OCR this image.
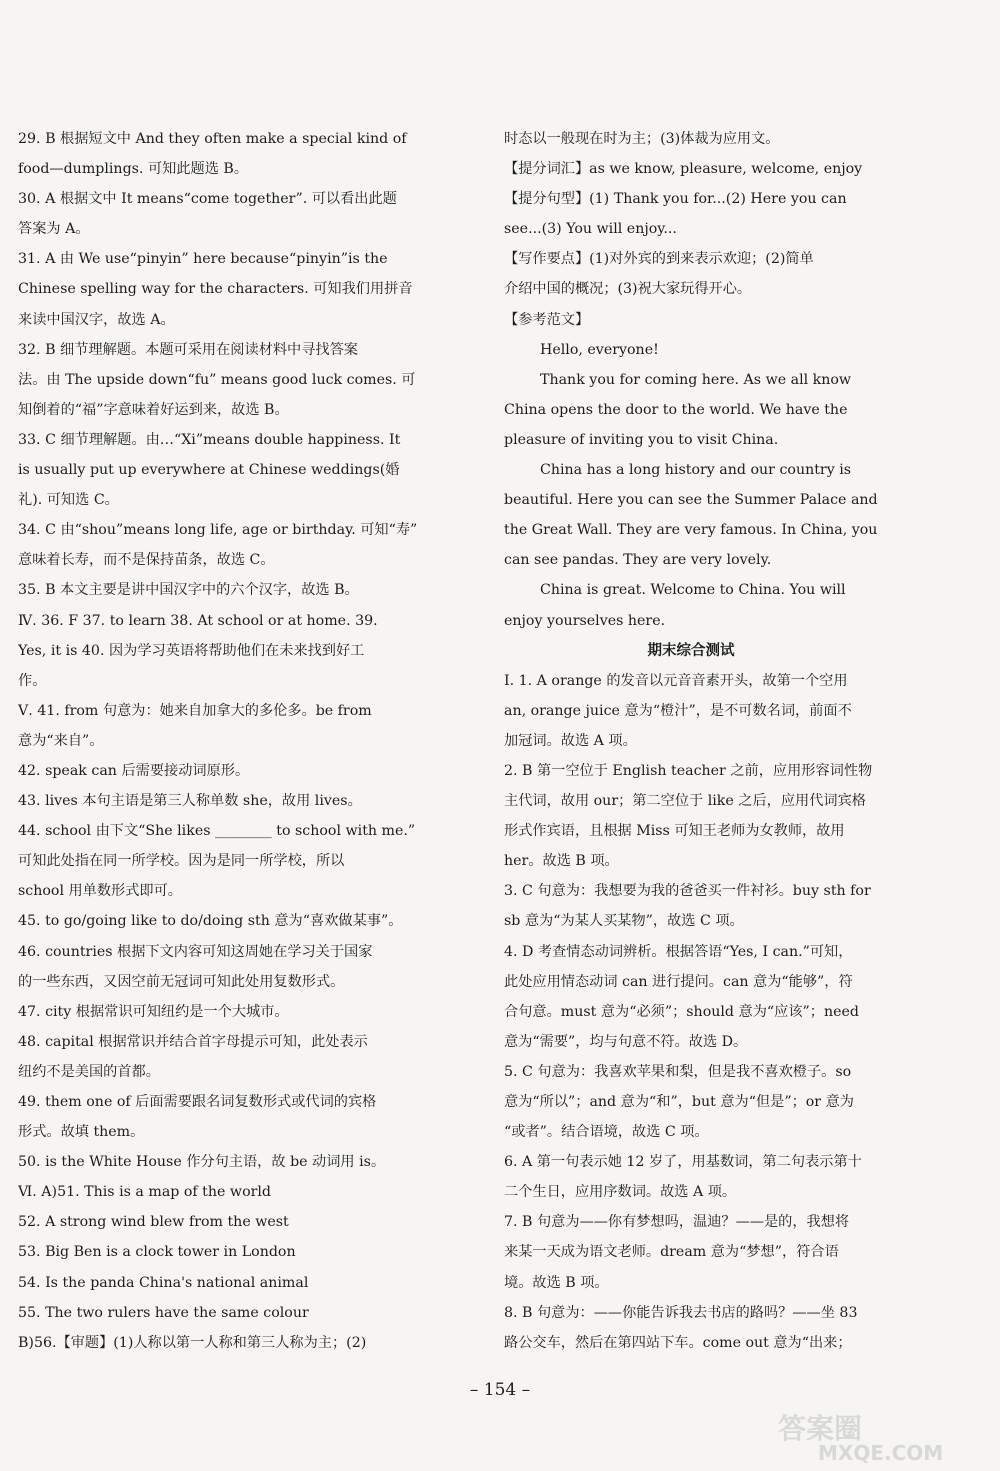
29. B 根据短文中 And they often make a special kind of
food—dumplings. 可知此题选 B。
30. A 根据文中 It means“come together”. 可以看出此题
答案为 A。
31. A 由 We use“pinyin” here because“pinyin”is the
Chinese spelling way for the characters. 可知我们用拼音
来读中国汉字，故选 A。
32. B 细节理解题。本题可采用在阅读材料中寻找答案
法。由 The upside down“fu” means good luck comes. 可
知倒着的“福”字意味着好运到来，故选 B。
33. C 细节理解题。由…“Xi”means double happiness. It
is usually put up everywhere at Chinese weddings(婚
礼). 可知选 C。
34. C 由“shou”means long life, age or birthday. 可知“寿”
意味着长寿，而不是保持苗条，故选 C。
35. B 本文主要是讲中国汉字中的六个汉字，故选 B。
Ⅳ. 36. F 37. to learn 38. At school or at home. 39.
Yes, it is 40. 因为学习英语将帮助他们在未来找到好工
作。
Ⅴ. 41. from 句意为：她来自加拿大的多伦多。be from
意为“来自”。
42. speak can 后需要接动词原形。
43. lives 本句主语是第三人称单数 she，故用 lives。
44. school 由下文“She likes ________ to school with me.”
可知此处指在同一所学校。因为是同一所学校，所以
school 用单数形式即可。
45. to go/going like to do/doing sth 意为“喜欢做某事”。
46. countries 根据下文内容可知这周她在学习关于国家
的一些东西，又因空前无冠词可知此处用复数形式。
47. city 根据常识可知纽约是一个大城市。
48. capital 根据常识并结合首字母提示可知，此处表示
纽约不是美国的首都。
49. them one of 后面需要跟名词复数形式或代词的宾格
形式。故填 them。
50. is the White House 作分句主语，故 be 动词用 is。
Ⅵ. A)51. This is a map of the world
52. A strong wind blew from the west
53. Big Ben is a clock tower in London
54. Is the panda China's national animal
55. The two rulers have the same colour
B)56.【审题】(1)人称以第一人称和第三人称为主；(2)
时态以一般现在时为主；(3)体裁为应用文。
【提分词汇】as we know, pleasure, welcome, enjoy
【提分句型】(1) Thank you for...(2) Here you can
see...(3) You will enjoy...
【写作要点】(1)对外宾的到来表示欢迎；(2)简单
介绍中国的概况；(3)祝大家玩得开心。
【参考范文】
Hello, everyone!
Thank you for coming here. As we all know
China opens the door to the world. We have the
pleasure of inviting you to visit China.
China has a long history and our country is
beautiful. Here you can see the Summer Palace and
the Great Wall. They are very famous. In China, you
can see pandas. They are very lovely.
China is great. Welcome to China. You will
enjoy yourselves here.
期末综合测试
Ⅰ. 1. A orange 的发音以元音音素开头，故第一个空用
an, orange juice 意为“橙汁”，是不可数名词，前面不
加冠词。故选 A 项。
2. B 第一空位于 English teacher 之前，应用形容词性物
主代词，故用 our；第二空位于 like 之后，应用代词宾格
形式作宾语，且根据 Miss 可知王老师为女教师，故用
her。故选 B 项。
3. C 句意为：我想要为我的爸爸买一件衬衫。buy sth for
sb 意为“为某人买某物”，故选 C 项。
4. D 考查情态动词辨析。根据答语“Yes, I can.”可知，
此处应用情态动词 can 进行提问。can 意为“能够”，符
合句意。must 意为“必须”；should 意为“应该”；need
意为“需要”，均与句意不符。故选 D。
5. C 句意为：我喜欢苹果和梨，但是我不喜欢橙子。so
意为“所以”；and 意为“和”，but 意为“但是”；or 意为
“或者”。结合语境，故选 C 项。
6. A 第一句表示她 12 岁了，用基数词，第二句表示第十
二个生日，应用序数词。故选 A 项。
7. B 句意为——你有梦想吗，温迪？——是的，我想将
来某一天成为语文老师。dream 意为“梦想”，符合语
境。故选 B 项。
8. B 句意为：——你能告诉我去书店的路吗？——坐 83
路公交车，然后在第四站下车。come out 意为“出来；
– 154 –
答案圈
MXQE.COM
